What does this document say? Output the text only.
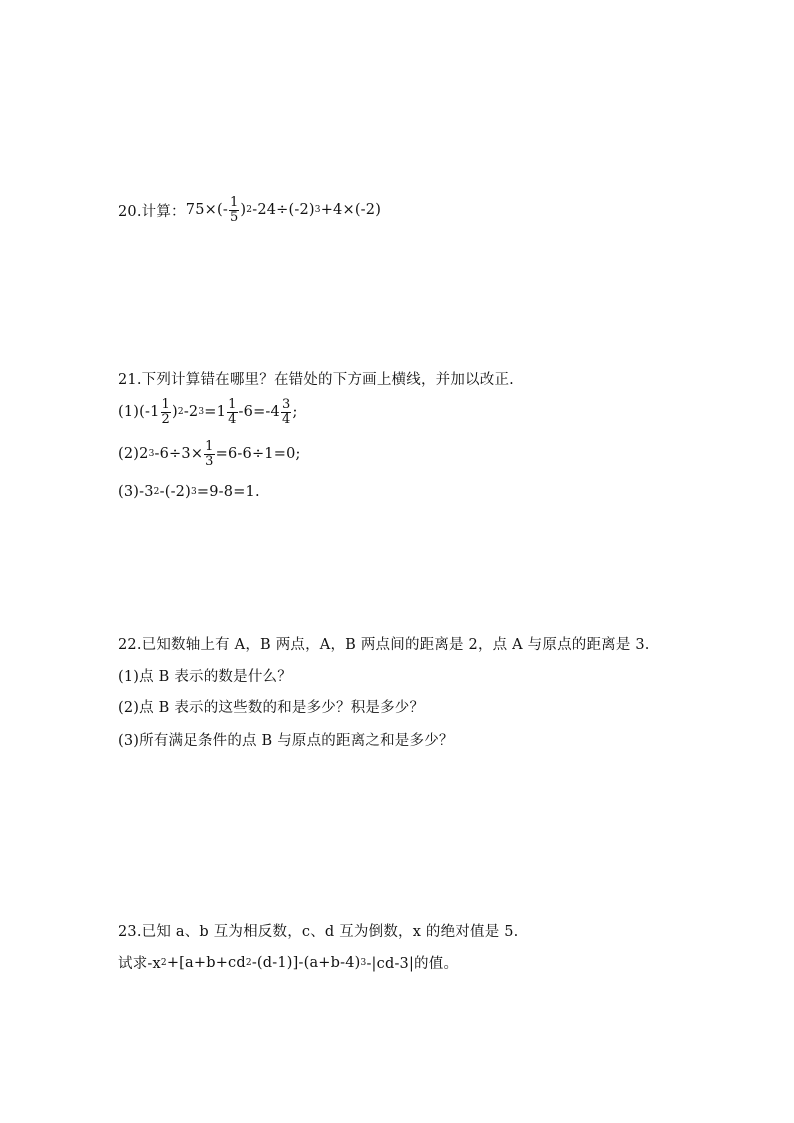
20.计算： $75\times(- \frac{1}{5}$ ) 2 -24÷(-2) 3 +4×(-2)
21.下列计算错在哪里？在错处的下方画上横线，并加以改正.
$(1)(-1 \frac{1}{2}$ ) 2 -2 $3 =1 \frac{1}{4} -6=-4 \frac{3}{4}$ ;
(2)2 3 $-6\div 3\times \frac{1}{3} =6-6\div 1=0$;
(3)-3 2 -(-2) 3 =9-8=1.
22.已知数轴上有 A，B 两点，A，B 两点间的距离是 2，点 A 与原点的距离是 3.
(1)点 B 表示的数是什么？
(2)点 B 表示的这些数的和是多少？积是多少？
(3)所有满足条件的点 B 与原点的距离之和是多少？
23.已知 a、b 互为相反数，c、d 互为倒数，x 的绝对值是 5.
试求-x 2 +[a+b+cd 2 -(d-1)]-(a+b-4) 3 -|cd-3|的值。
